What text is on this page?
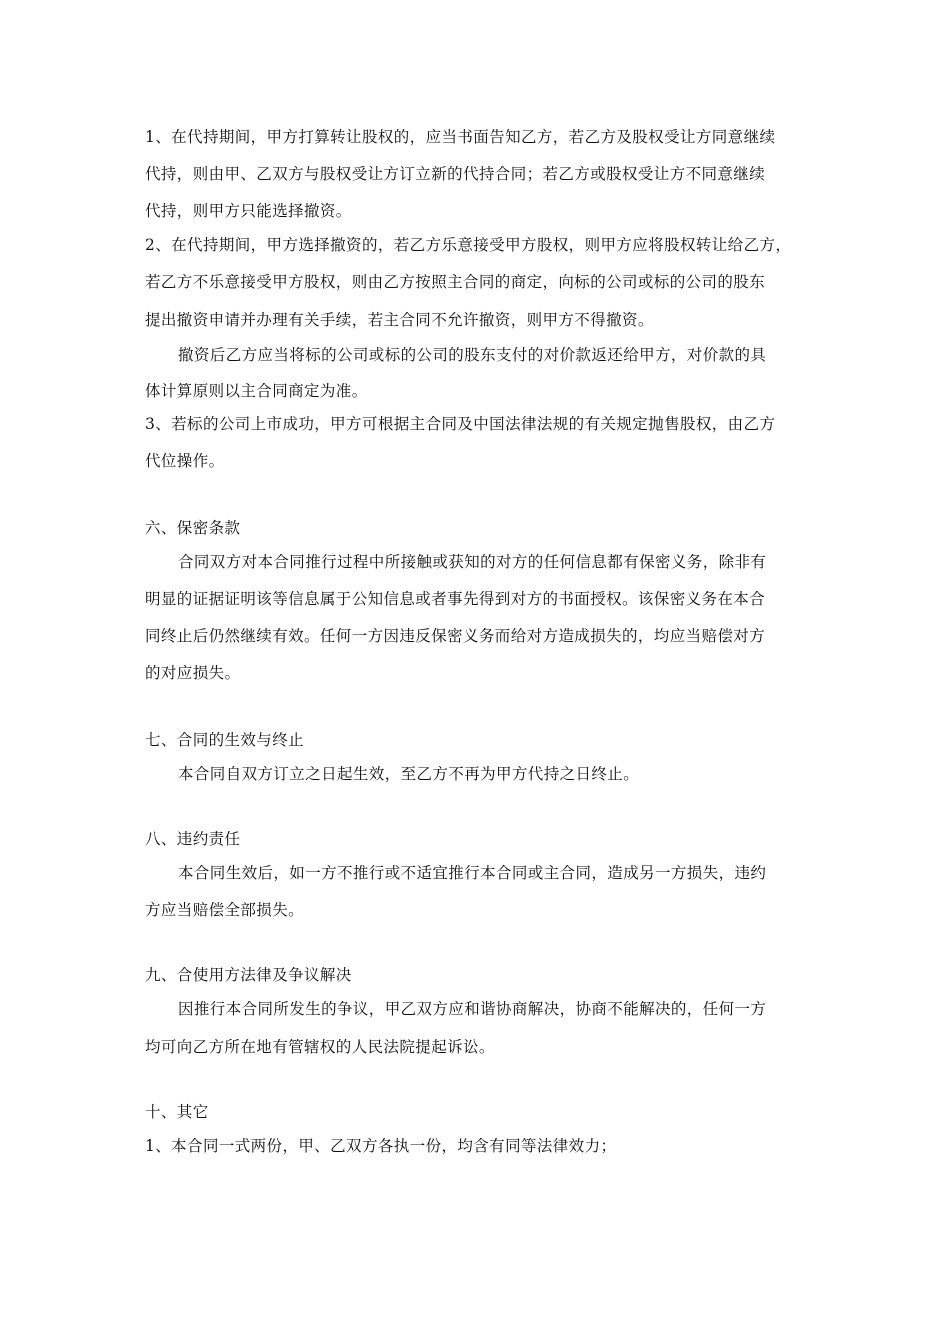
1、在代持期间，甲方打算转让股权的，应当书面告知乙方，若乙方及股权受让方同意继续
代持，则由甲、乙双方与股权受让方订立新的代持合同；若乙方或股权受让方不同意继续
代持，则甲方只能选择撤资。
2、在代持期间，甲方选择撤资的，若乙方乐意接受甲方股权，则甲方应将股权转让给乙方，
若乙方不乐意接受甲方股权，则由乙方按照主合同的商定，向标的公司或标的公司的股东
提出撤资申请并办理有关手续，若主合同不允许撤资，则甲方不得撤资。
撤资后乙方应当将标的公司或标的公司的股东支付的对价款返还给甲方，对价款的具
体计算原则以主合同商定为准。
3、若标的公司上市成功，甲方可根据主合同及中国法律法规的有关规定抛售股权，由乙方
代位操作。
六、保密条款
合同双方对本合同推行过程中所接触或获知的对方的任何信息都有保密义务，除非有
明显的证据证明该等信息属于公知信息或者事先得到对方的书面授权。该保密义务在本合
同终止后仍然继续有效。任何一方因违反保密义务而给对方造成损失的，均应当赔偿对方
的对应损失。
七、合同的生效与终止
本合同自双方订立之日起生效，至乙方不再为甲方代持之日终止。
八、违约责任
本合同生效后，如一方不推行或不适宜推行本合同或主合同，造成另一方损失，违约
方应当赔偿全部损失。
九、合使用方法律及争议解决
因推行本合同所发生的争议，甲乙双方应和谐协商解决，协商不能解决的，任何一方
均可向乙方所在地有管辖权的人民法院提起诉讼。
十、其它
1、本合同一式两份，甲、乙双方各执一份，均含有同等法律效力；
